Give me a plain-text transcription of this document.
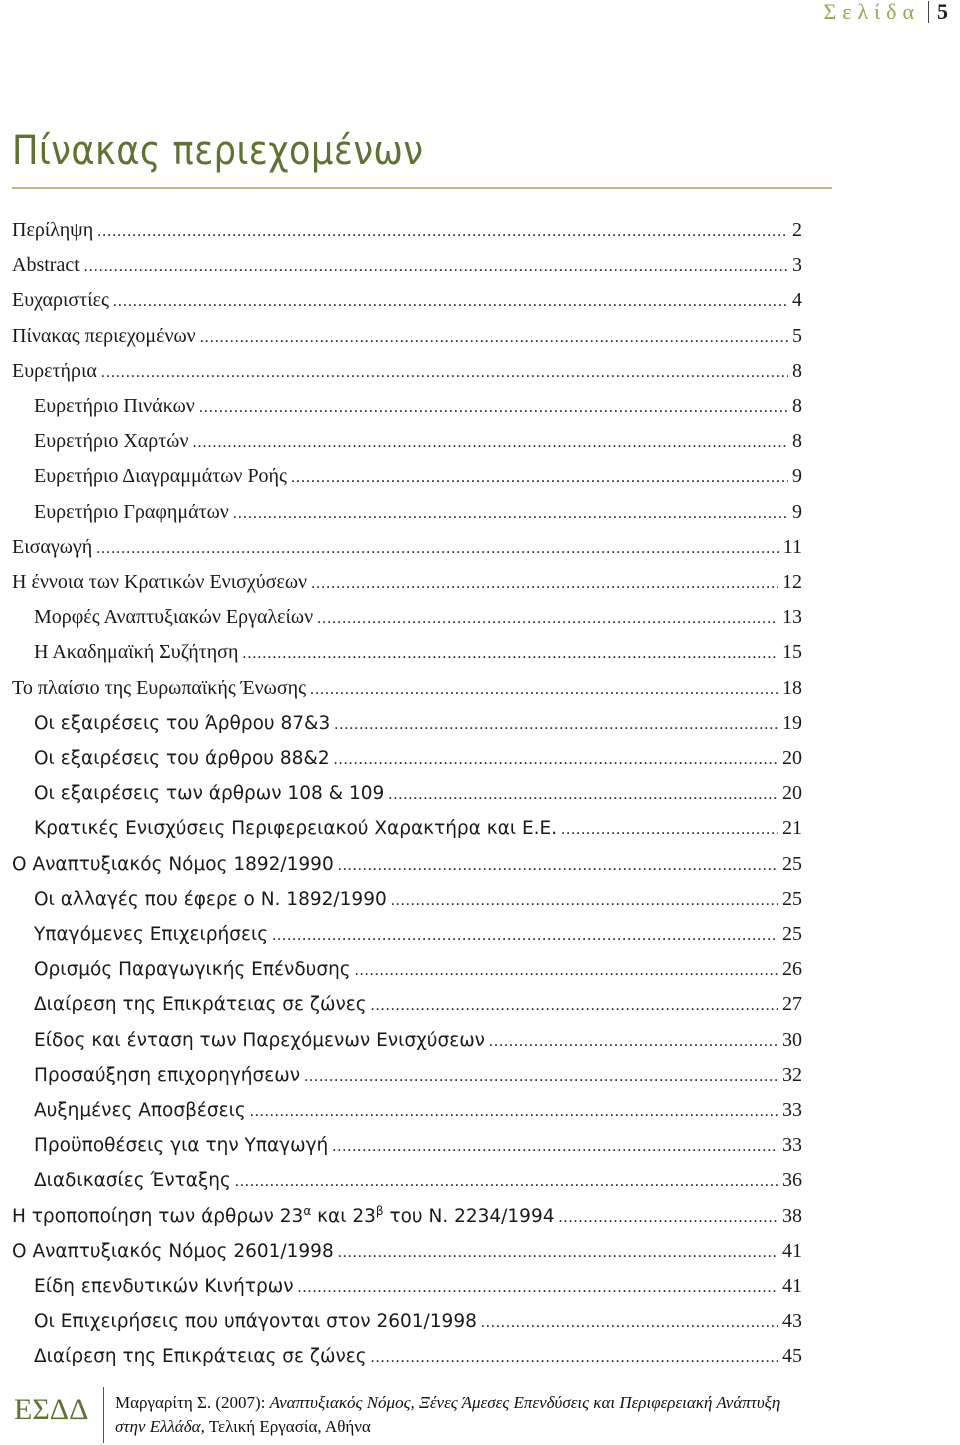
Σελίδα 5
Πίνακας περιεχομένων
Περίληψη .....	2
Abstract .....	3
Ευχαριστίες .....	4
Πίνακας περιεχομένων .....	5
Ευρετήρια .....	8
Ευρετήριο Πινάκων .....	8
Ευρετήριο Χαρτών .....	8
Ευρετήριο Διαγραμμάτων Ροής .....	9
Ευρετήριο Γραφημάτων .....	9
Εισαγωγή .....	11
Η έννοια των Κρατικών Ενισχύσεων .....	12
Μορφές Αναπτυξιακών Εργαλείων .....	13
Η Ακαδημαϊκή Συζήτηση .....	15
Το πλαίσιο της Ευρωπαϊκής Ένωσης .....	18
Οι εξαιρέσεις του Άρθρου 87&3 .....	19
Οι εξαιρέσεις του άρθρου 88&2 .....	20
Οι εξαιρέσεις των άρθρων 108 & 109 .....	20
Κρατικές Ενισχύσεις Περιφερειακού Χαρακτήρα και Ε.Ε. .....	21
Ο Αναπτυξιακός Νόμος 1892/1990 .....	25
Οι αλλαγές που έφερε ο Ν. 1892/1990 .....	25
Υπαγόμενες Επιχειρήσεις .....	25
Ορισμός Παραγωγικής Επένδυσης .....	26
Διαίρεση της Επικράτειας σε ζώνες .....	27
Είδος και ένταση των Παρεχόμενων Ενισχύσεων .....	30
Προσαύξηση επιχορηγήσεων .....	32
Αυξημένες Αποσβέσεις .....	33
Προϋποθέσεις για την Υπαγωγή .....	33
Διαδικασίες Ένταξης .....	36
Η τροποποίηση των άρθρων $23^\alpha$ και $23^\beta$ του Ν. 2234/1994 .....	38
Ο Αναπτυξιακός Νόμος 2601/1998 .....	41
Είδη επενδυτικών Κινήτρων .....	41
Οι Επιχειρήσεις που υπάγονται στον 2601/1998 .....	43
Διαίρεση της Επικράτειας σε ζώνες .....	45
ΕΣΔΔ Μαργαρίτη Σ. (2007): Αναπτυξιακός Νόμος, Ξένες Άμεσες Επενδύσεις και Περιφερειακή Ανάπτυξη
στην Ελλάδα, Τελική Εργασία, Αθήνα
